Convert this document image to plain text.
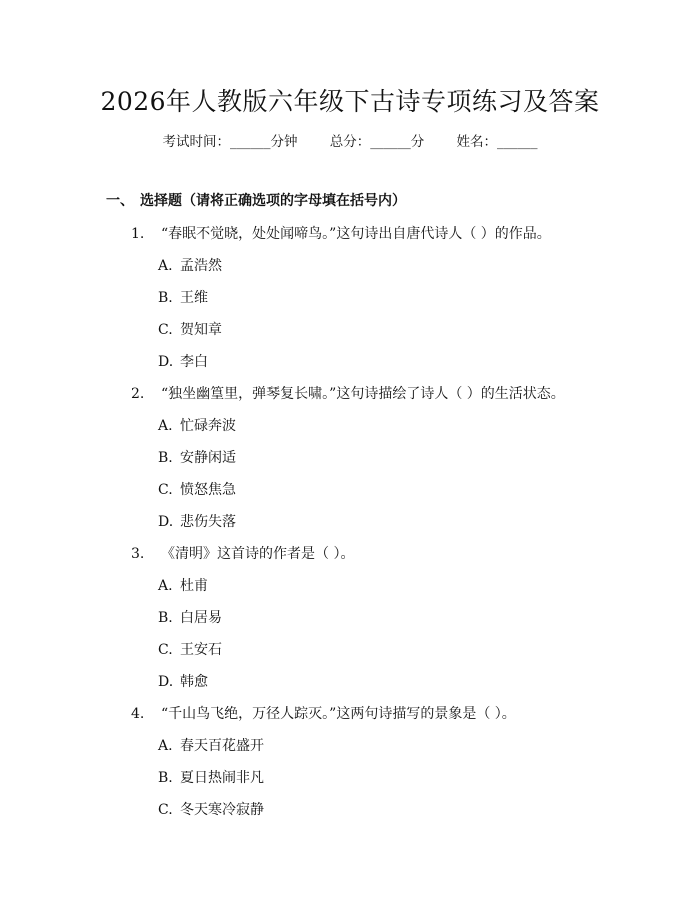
2026年人教版六年级下古诗专项练习及答案
考试时间：______分钟 总分：______分 姓名：______
一、 选择题（请将正确选项的字母填在括号内）
1. “春眠不觉晓，处处闻啼鸟。”这句诗出自唐代诗人（ ）的作品。
A. 孟浩然
B. 王维
C. 贺知章
D. 李白
2. “独坐幽篁里，弹琴复长啸。”这句诗描绘了诗人（ ）的生活状态。
A. 忙碌奔波
B. 安静闲适
C. 愤怒焦急
D. 悲伤失落
3. 《清明》这首诗的作者是（ ）。
A. 杜甫
B. 白居易
C. 王安石
D. 韩愈
4. “千山鸟飞绝，万径人踪灭。”这两句诗描写的景象是（ ）。
A. 春天百花盛开
B. 夏日热闹非凡
C. 冬天寒冷寂静
